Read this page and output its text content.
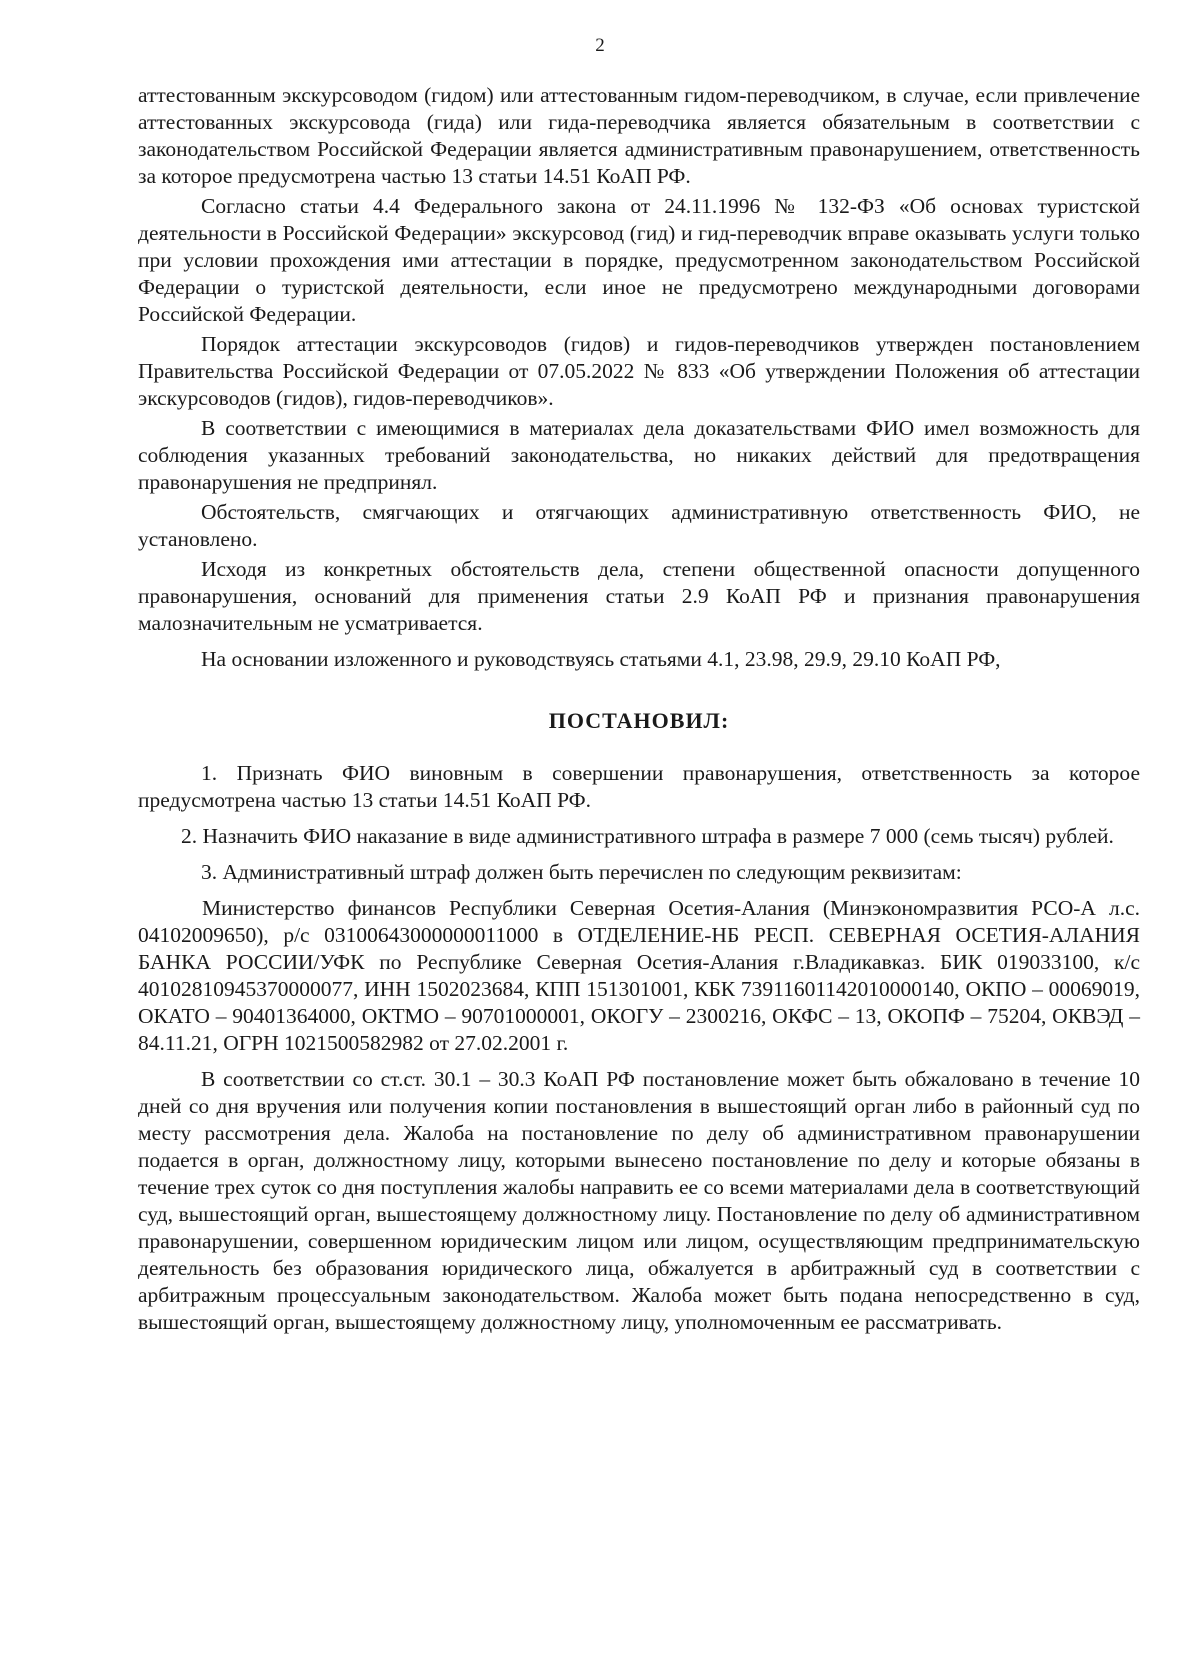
2

аттестованным экскурсоводом (гидом) или аттестованным гидом-переводчиком, в случае, если привлечение аттестованных экскурсовода (гида) или гида-переводчика является обязательным в соответствии с законодательством Российской Федерации является административным правонарушением, ответственность за которое предусмотрена частью 13 статьи 14.51 КоАП РФ.

Согласно статьи 4.4 Федерального закона от 24.11.1996 № 132-ФЗ «Об основах туристской деятельности в Российской Федерации» экскурсовод (гид) и гид-переводчик вправе оказывать услуги только при условии прохождения ими аттестации в порядке, предусмотренном законодательством Российской Федерации о туристской деятельности, если иное не предусмотрено международными договорами Российской Федерации.

Порядок аттестации экскурсоводов (гидов) и гидов-переводчиков утвержден постановлением Правительства Российской Федерации от 07.05.2022 № 833 «Об утверждении Положения об аттестации экскурсоводов (гидов), гидов-переводчиков».

В соответствии с имеющимися в материалах дела доказательствами ФИО имел возможность для соблюдения указанных требований законодательства, но никаких действий для предотвращения правонарушения не предпринял.

Обстоятельств, смягчающих и отягчающих административную ответственность ФИО, не установлено.

Исходя из конкретных обстоятельств дела, степени общественной опасности допущенного правонарушения, оснований для применения статьи 2.9 КоАП РФ и признания правонарушения малозначительным не усматривается.

На основании изложенного и руководствуясь статьями 4.1, 23.98, 29.9, 29.10 КоАП РФ,

ПОСТАНОВИЛ:

1. Признать ФИО виновным в совершении правонарушения, ответственность за которое предусмотрена частью 13 статьи 14.51 КоАП РФ.

2. Назначить ФИО наказание в виде административного штрафа в размере 7 000 (семь тысяч) рублей.

3. Административный штраф должен быть перечислен по следующим реквизитам:

Министерство финансов Республики Северная Осетия-Алания (Минэкономразвития РСО-А л.с. 04102009650), р/с 03100643000000011000 в ОТДЕЛЕНИЕ-НБ РЕСП. СЕВЕРНАЯ ОСЕТИЯ-АЛАНИЯ БАНКА РОССИИ/УФК по Республике Северная Осетия-Алания г.Владикавказ. БИК 019033100, к/с 40102810945370000077, ИНН 1502023684, КПП 151301001, КБК 73911601142010000140, ОКПО – 00069019, ОКАТО – 90401364000, ОКТМО – 90701000001, ОКОГУ – 2300216, ОКФС – 13, ОКОПФ – 75204, ОКВЭД – 84.11.21, ОГРН 1021500582982 от 27.02.2001 г.

В соответствии со ст.ст. 30.1 – 30.3 КоАП РФ постановление может быть обжаловано в течение 10 дней со дня вручения или получения копии постановления в вышестоящий орган либо в районный суд по месту рассмотрения дела. Жалоба на постановление по делу об административном правонарушении подается в орган, должностному лицу, которыми вынесено постановление по делу и которые обязаны в течение трех суток со дня поступления жалобы направить ее со всеми материалами дела в соответствующий суд, вышестоящий орган, вышестоящему должностному лицу. Постановление по делу об административном правонарушении, совершенном юридическим лицом или лицом, осуществляющим предпринимательскую деятельность без образования юридического лица, обжалуется в арбитражный суд в соответствии с арбитражным процессуальным законодательством. Жалоба может быть подана непосредственно в суд, вышестоящий орган, вышестоящему должностному лицу, уполномоченным ее рассматривать.
